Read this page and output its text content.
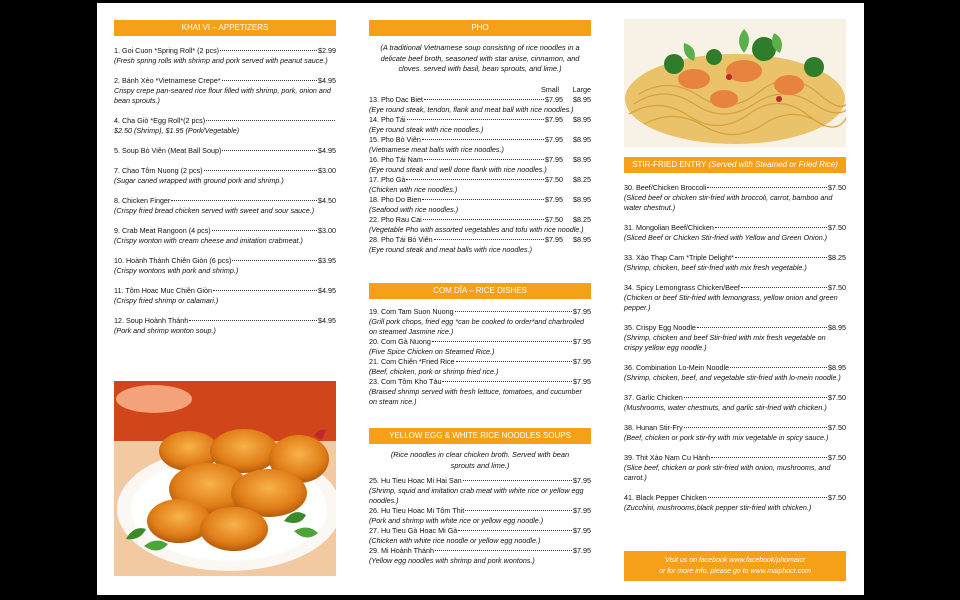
KHAI VI – APPETIZERS
1. Goi Cuon *Spring Roll* (2 pcs)	$2.99
(Fresh spring rolls with shrimp and pork served with peanut sauce.)
2. Bánh Xèo *Vietnamese Crepe*	$4.95
Crispy crepe pan-seared rice flour filled with shrimp, pork, onion and bean sprouts.)
4. Cha Giò *Egg Roll*(2 pcs)
$2.50 (Shrimp), $1.95 (Pork/Vegetable)
5. Soup Bò Viên (Meat Ball Soup)	$4.95
7. Chao Tôm Nuong (2 pcs)	$3.00
(Sugar caned wrapped with ground pork and shrimp.)
8. Chicken Finger	$4.50
(Crispy fried bread chicken served with sweet and sour sauce.)
9. Crab Meat Rangoon (4 pcs)	$3.00
(Crispy wonton with cream cheese and imitation crabmeat.)
10. Hoành Thánh Chiên Giòn (6 pcs)	$3.95
(Crispy wontons with pork and shrimp.)
11. Tôm Hoac Muc Chiên Giòn	$4.95
(Crispy fried shrimp or calamari.)
12. Soup Hoành Thánh	$4.95
(Pork and shrimp wonton soup.)
PHO
(A traditional Vietnamese soup consisting of rice noodles in a delicate beef broth, seasoned with star anise, cinnamon, and cloves. served with basil, bean sprouts, and lime.)
Small	Large
13. Pho Dac Biet	$7.95	$8.95
(Eye round steak, tendon, flank and meat ball with rice noodles.)
14. Pho Tái	$7.95	$8.95
(Eye round steak with rice noodles.)
15. Pho Bò Viên	$7.95	$8.95
(Vietnamese meat balls with rice noodles.)
16. Pho Tái Nam	$7.95	$8.95
(Eye round steak and well done flank with rice noodles.)
17. Pho Gà	$7.50	$8.25
(Chicken with rice noodles.)
18. Pho Do Bien	$7.95	$8.95
(Seafood with rice noodles.)
22. Pho Rau Cai	$7.50	$8.25
(Vegetable Pho with assorted vegetables and tofu with rice noodle.)
28. Pho Tái Bò Viên	$7.95	$8.95
(Eye round steak and meat balls with rice noodles.)
COM DĨA – RICE DISHES
19. Com Tam Suon Nuong	$7.95
(Grill pork chops, fried egg *can be cooked to order*and charbroiled on steamed Jasmine rice.)
20. Com Gà Nuong	$7.95
(Five Spice Chicken on Steamed Rice.)
21. Com Chiên *Fried Rice	$7.95
(Beef, chicken, pork or shrimp fried rice.)
23. Com Tôm Kho Tàu	$7.95
(Braised shrimp served with fresh lettuce, tomatoes, and cucumber on steam rice.)
YELLOW EGG & WHITE RICE NOODLES SOUPS
(Rice noodles in clear chicken broth. Served with bean sprouts and lime.)
25. Hu Tieu Hoac Mi Hai San	$7.95
(Shrimp, squid and imitation crab meat with white rice or yellow egg noodles.)
26. Hu Tieu Hoac Mi Tôm Thit	$7.95
(Pork and shrimp with white rice or yellow egg noodle.)
27. Hu Tieu Gà Hoac Mi Gà	$7.95
(Chicken with white rice noodle or yellow egg noodle.)
29. Mi Hoành Thánh	$7.95
(Yellow egg noodles with shrimp and pork wontons.)
STIR-FRIED ENTRY (Served with Steamed or Fried Rice)
30. Beef/Chicken Broccoli	$7.50
(Sliced beef or chicken stir-fried with broccoli, carrot, bamboo and water chestnut.)
31. Mongolian Beef/Chicken	$7.50
(Sliced Beef or Chicken Stir-fried with Yellow and Green Onion.)
33. Xào Thap Cam *Triple Delight*	$8.25
(Shrimp, chicken, beef stir-fried with mix fresh vegetable.)
34. Spicy Lemongrass Chicken/Beef	$7.50
(Chicken or beef Stir-fried with lemongrass, yellow onion and green pepper.)
35. Crispy Egg Noodle	$8.95
(Shrimp, chicken and beef Stir-fried with mix fresh vegetable on crispy yellow egg noodle.)
36. Combination Lo-Mein Noodle	$8.95
(Shrimp, chicken, beef, and vegetable stir-fried with lo-mein noodle.)
37. Garlic Chicken	$7.50
(Mushrooms, water chestnuts, and garlic stir-fried with chicken.)
38. Hunan Stir-Fry	$7.50
(Beef, chicken or pork stir-fry with mix vegetable in spicy sauce.)
39. Thit Xào Nam Cu Hành	$7.50
(Slice beef, chicken or pork stir-fried with onion, mushrooms, and carrot.)
41. Black Pepper Chicken	$7.50
(Zucchini, mushrooms,black pepper stir-fried with chicken.)
Visit us on facebook www.facebook/phomaicr
or for more info, please go to www.maiphocr.com
